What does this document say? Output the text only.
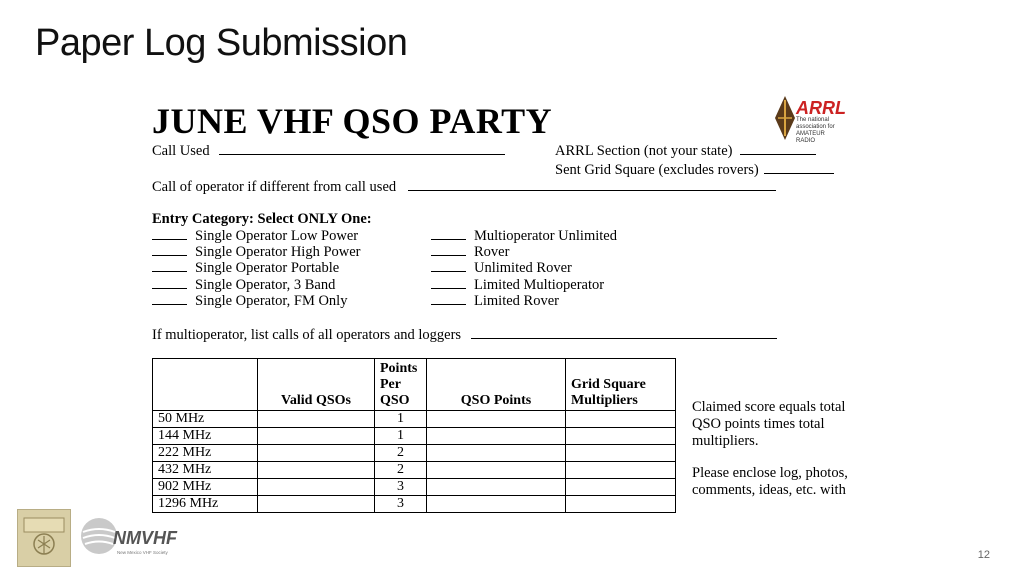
Paper Log Submission
JUNE VHF QSO PARTY	ARRL
The national association for AMATEUR RADIO
Call Used	ARRL Section (not your state)
Sent Grid Square (excludes rovers)
Call of operator if different from call used
Entry Category: Select ONLY One:
Single Operator Low Power
Single Operator High Power
Single Operator Portable
Single Operator, 3 Band
Single Operator, FM Only
Multioperator Unlimited
Rover
Unlimited Rover
Limited Multioperator
Limited Rover
If multioperator, list calls of all operators and loggers
	Valid QSOs	Points Per QSO	QSO Points	Grid Square Multipliers
50 MHz		1		
144 MHz		1		
222 MHz		2		
432 MHz		2		
902 MHz		3		
1296 MHz		3		
Claimed score equals total QSO points times total multipliers.
Please enclose log, photos, comments, ideas, etc. with
NMVHF
New Mexico VHF Society	12
